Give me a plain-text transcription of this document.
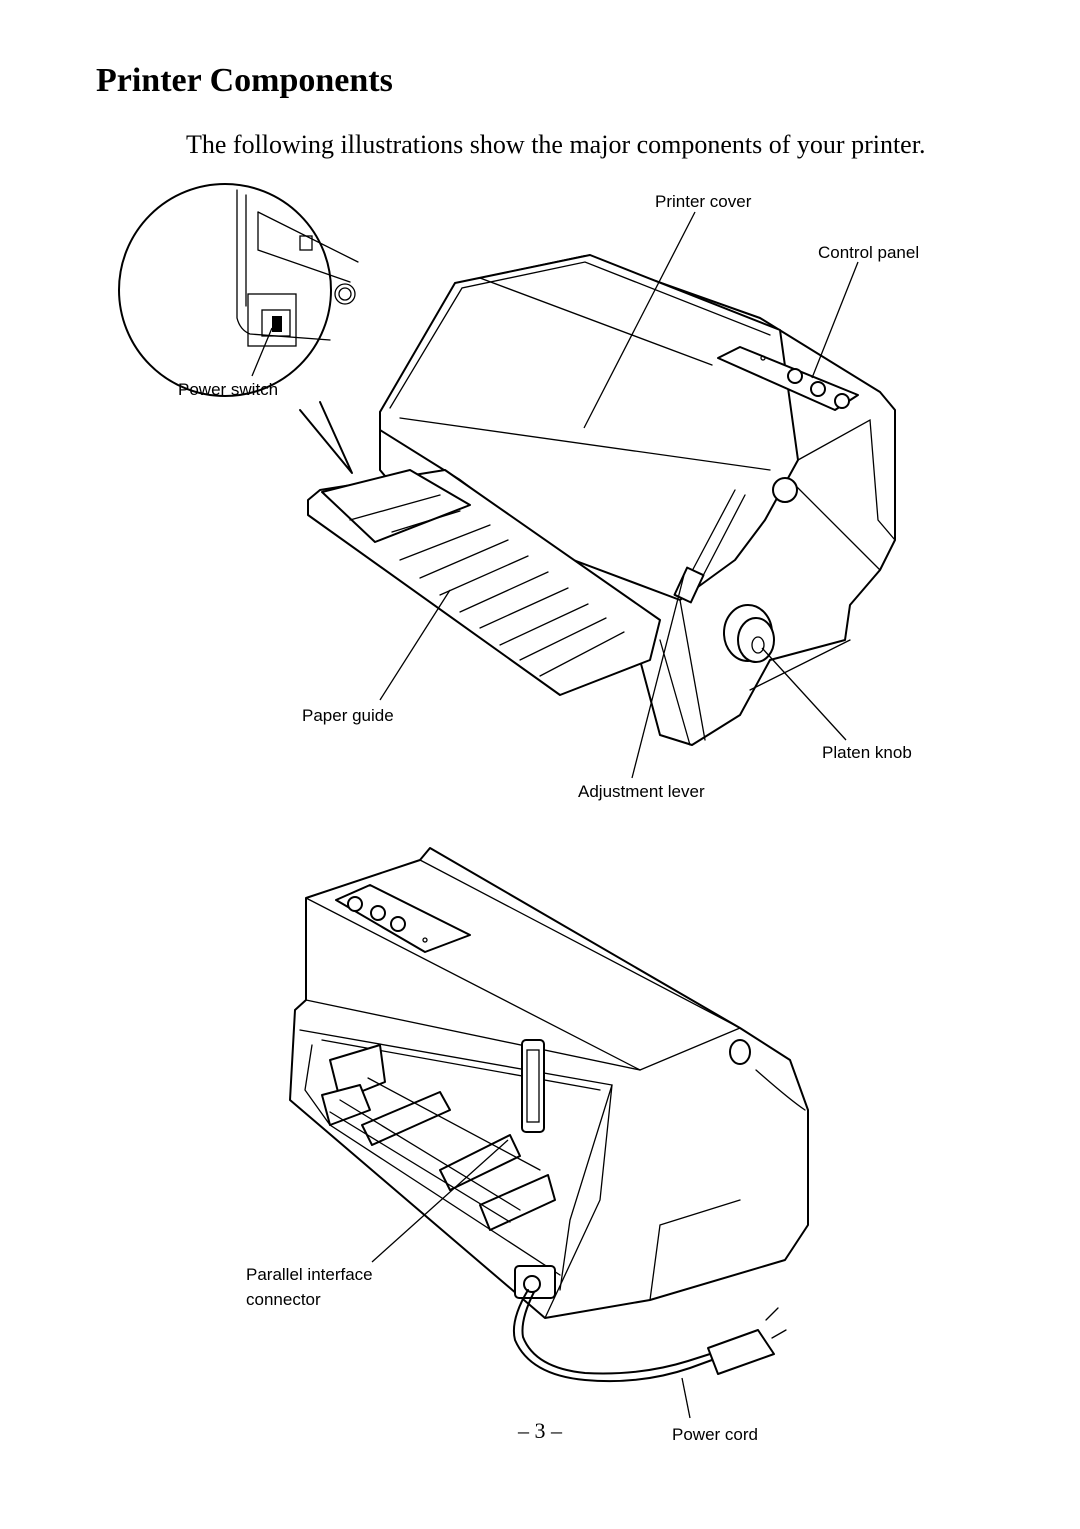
Printer Components
The following illustrations show the major components of your printer.
Printer cover
Control panel
Power switch
Paper guide
Platen knob
Adjustment lever
Parallel interface
connector
Power cord
– 3 –
